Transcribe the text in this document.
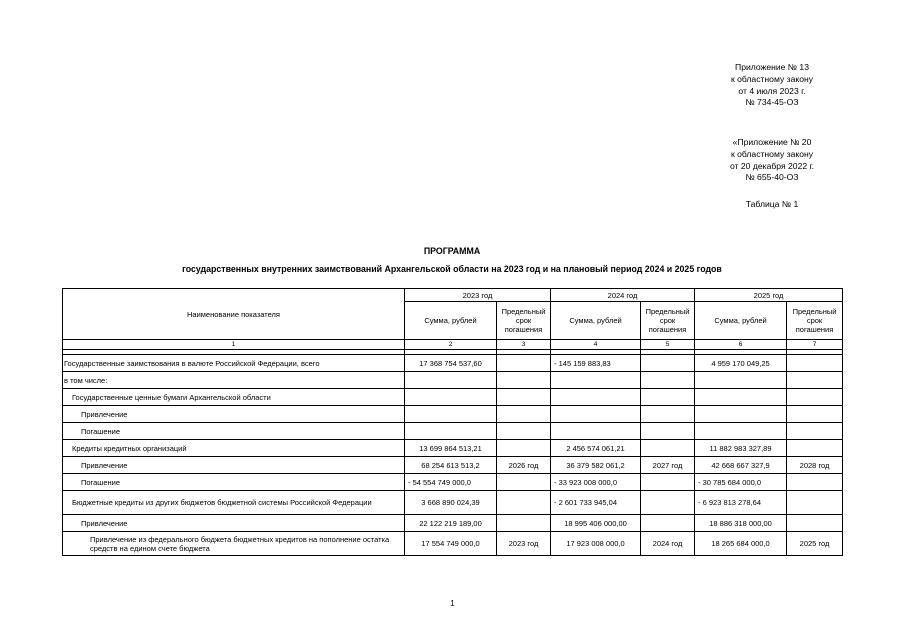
Приложение № 13
к областному закону
от 4 июля 2023 г.
№ 734-45-ОЗ
«Приложение № 20
к областному закону
от 20 декабря 2022 г.
№ 655-40-ОЗ
Таблица № 1
ПРОГРАММА
государственных внутренних заимствований Архангельской области на 2023 год и на плановый период 2024 и 2025 годов
Наименование показателя	2023 год		2024 год		2025 год	
	Сумма, рублей	Предельный срок погашения	Сумма, рублей	Предельный срок погашения	Сумма, рублей	Предельный срок погашения
1	2	3	4	5	6	7

Государственные заимствования в валюте Российской Федерации, всего	17 368 754 537,60		- 145 159 883,83		4 959 170 049,25	
в том числе:						
Государственные ценные бумаги Архангельской области						
Привлечение						
Погашение						
Кредиты кредитных организаций	13 699 864 513,21		2 456 574 061,21		11 882 983 327,89	
Привлечение	68 254 613 513,2	2026 год	36 379 582 061,2	2027 год	42 668 667 327,9	2028 год
Погашение	- 54 554 749 000,0		- 33 923 008 000,0		- 30 785 684 000,0	
Бюджетные кредиты из других бюджетов бюджетной системы Российской Федерации	3 668 890 024,39		- 2 601 733 945,04		- 6 923 813 278,64	
Привлечение	22 122 219 189,00		18 995 406 000,00		18 886 318 000,00	
Привлечение из федерального бюджета бюджетных кредитов на пополнение остатка средств на едином счете бюджета	17 554 749 000,0	2023 год	17 923 008 000,0	2024 год	18 265 684 000,0	2025 год
1
